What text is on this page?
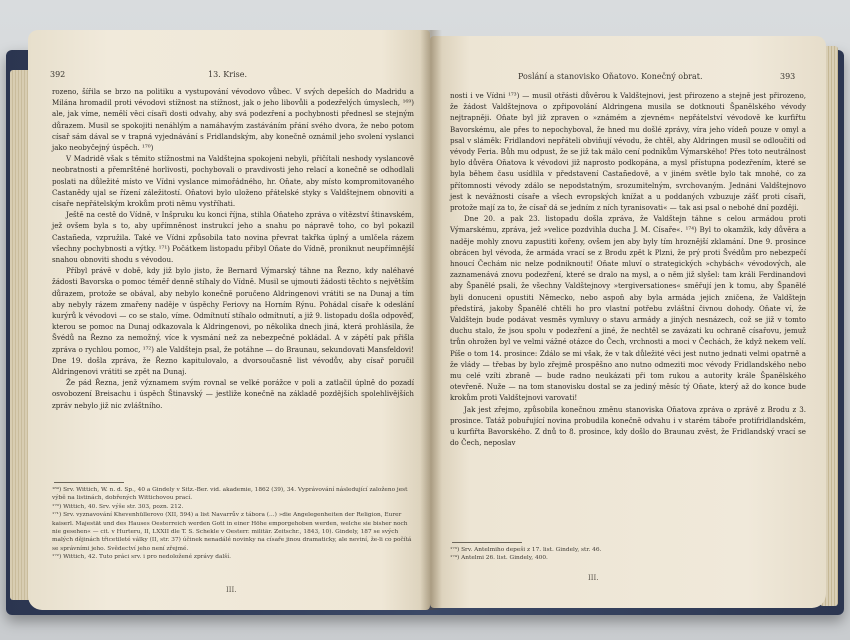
392	13. Krise.

rozeno, šířila se brzo na politiku a vystupování vévodovo vůbec. V svých depeších do Madridu a Milána hromadil proti vévodovi stížnost na stížnost, jak o jeho libovůli a podezřelých úmyslech, ¹⁶⁹) ale, jak víme, nemělí věci císaři dosti odvahy, aby svá podezření a pochybnosti přednesl se stejným důrazem. Musil se spokojiti nenáhlým a namáhavým zastáváním přání svého dvora, že nebo potom císař sám dával se v trapná vyjednávání s Fridlandským, aby konečně oznámil jeho svolení vyslanci jako neobyčejný úspěch. ¹⁷⁰)

V Madridě však s těmito stížnostmi na Valdštejna spokojeni nebyli, přičítali neshody vyslancově neobratnosti a přemrštěné horlivosti, pochybovali o pravdivosti jeho relací a konečně se odhodlali poslati na důležité místo ve Vídni vyslance mimořádného, hr. Oňate, aby místo kompromitovaného Castanědy ujal se řízení záležitostí. Oňatovi bylo uloženo přátelské styky s Valdštejnem obnoviti a císaře nepřátelským krokům proti němu vystříhati.

Ještě na cestě do Vídně, v Inšpruku ku konci října, stihla Oňateho zpráva o vítězství štinavském, jež ovšem byla s to, aby upřímněnost instrukcí jeho a snahu po nápravě toho, co byl pokazil Castañeda, vzpružila. Také ve Vídni způsobila tato novina převrat takřka úplný a umlčela rázem všechny pochybnosti a výtky. ¹⁷¹) Počátkem listopadu přibyl Oňate do Vídně, proniknut neupřímnější snahou obnoviti shodu s vévodou.

Příbyl právě v době, kdy již bylo jisto, že Bernard Výmarský táhne na Řezno, kdy naléhavé žádosti Bavorska o pomoc téměř denně stíhaly do Vídně. Musil se ujmouti žádosti těchto s největším důrazem, protože se obával, aby nebylo konečně poručeno Aldringenovi vrátiti se na Dunaj a tím aby nebyly rázem zmařeny naděje v úspěchy Feriovy na Horním Rýnu. Pohádal císaře k odeslání kurýrů k vévodovi — co se stalo, víme. Odmítnutí stíhalo odmítnutí, a již 9. listopadu došla odpověď, kterou se pomoc na Dunaj odkazovala k Aldringenovi, po několika dnech jiná, která prohlásila, že Švédů na Řezno za nemožný, více k vysmání než za nebezpečné pokládal. A v zápětí pak přišla zpráva o rychlou pomoc, ¹⁷²) ale Valdštejn psal, že potáhne — do Braunau, sekundovati Mansfeldovi! Dne 19. došla zpráva, že Řezno kapitulovalo, a dvorsoučasně list vévodův, aby císař poručil Aldringenovi vrátiti se zpět na Dunaj.

Že pád Řezna, jenž významem svým rovnal se velké porážce v poli a zatlačil úplně do pozadí osvobození Breisachu i úspěch Štinavský — jestliže konečně na základě pozdějších spolehlivějších zpráv nebylo již nic zvláštního.

¹⁶⁹) Srv. Wittich, W. n. d. Sp., 40 a Gindely v Sitz.-Ber. vid. akademie, 1862 (39), 34. Vyprávování následující založeno jest výbě na listinách, dobřených Wittichovou prací.

¹⁷⁰) Wittich, 40. Srv. výše str. 303, pozn. 212.

¹⁷¹) Srv. vyznavování Khevenhüllerovo (XII, 594) a list Navarrův z tábora (...) »die Angelegenheiten der Religion, Eurer kaiserl. Majestät und des Hauses Oesterreich werden Gott in einer Höhe emporgehoben werden, welche sie bisher noch nie gesehen« — cit. v Hurteru, II, LXXII dle T. S. Schekle v Oesterr. militär. Zeitschr., 1843, 10). Gindely, 187 se svých malých dějinách třicetileté války (II, str. 37) účinek nenadálé novinky na císaře jinou dramaticky, ale neviní, že-li co počítá se správními jeho. Svědectví jeho není zřejmé.

¹⁷²) Wittich, 42. Tuto práci srv. i pro nedoložené zprávy další.

III.
Poslání a stanovisko Oňatovo. Konečný obrat.	393

nosti i ve Vídni ¹⁷³) — musil otřásti důvěrou k Valdštejnovi, jest přirozeno a stejně jest přirozeno, že žádost Valdštejnova o zpřipovolání Aldringena musila se dotknouti Španělského vévody nejtrapněji. Oňate byl již zpraven o »známém a zjevném« nepřátelství vévodově ke kurfiřtu Bavorskému, ale přes to nepochyboval, že hned mu došlé zprávy, víra jeho vídeň pouze v omyl a psal v sláměk: Fridlandovi nepřáteli obviňují vévodu, že chtěl, aby Aldringen musil se odloučiti od vévody Feria. Bůh mu odpust, že se již tak málo cení podnikům Výmarského! Přes toto neutrálnost bylo důvěra Oňatova k vévodovi již naprosto podkopána, a mysl přístupna podezřením, které se byla během času usídlila v představení Castañedově, a v jiném světle bylo tak mnohé, co za přítomnosti vévody zdálo se nepodstatným, srozumitelným, svrchovaným. Jednáni Valdštejnovo jest k nevážnosti císaře a všech evropských knížat a u poddaných vzbuzuje zášť proti císaři, protože mají za to, že císař dá se jedním z ních tyranisovati« — tak asi psal o nebohé dní později.

Dne 20. a pak 23. listopadu došla zpráva, že Valdštejn táhne s celou armádou proti Výmarskému, zpráva, jež »velice pozdvihla ducha J. M. Císaře«. ¹⁷⁴) Byl to okamžik, kdy důvěra a naděje mohly znovu zapustiti kořeny, ovšem jen aby byly tím hroznější zklamání. Dne 9. prosince obrácen byl vévoda, že armáda vrací se z Brodu zpět k Plzni, že prý proti Švédům pro nebezpečí hnoucí Čechám nic nelze podniknouti! Oňate mluví o strategických »chybách« vévodových, ale zaznamenává znovu podezření, které se dralo na mysl, a o něm již slyšel: tam králi Ferdinandovi aby Španělé psali, že všechny Valdštejnovy »tergiversationes« směřují jen k tomu, aby Španělé byli donuceni opustiti Německo, nebo aspoň aby byla armáda jejich zničena, že Valdštejn předstírá, jakoby Španělé chtěli ho pro vlastní potřebu zvláštní čivnou dohody. Oňate ví, že Valdštejn bude podávat vesměs vymluvy o stavu armády a jiných nesnázech, což se již v tomto duchu stalo, že jsou spolu v podezření a jiné, že nechtěl se zavázati ku ochraně císařovu, jemuž trůn ohrožen byl ve velmi vážné otázce do Čech, vrchnosti a moci v Čechách, že když nekem velí. Píše o tom 14. prosince: Zdálo se mi však, že v tak důležité věci jest nutno jednati velmi opatrně a že vlády — třebas by bylo zřejmě prospěšno ano nutno odmeziti moc vévody Fridlandského nebo mu celé vzíti zbraně — bude radno neukázati při tom rukou a autority krále Španělského otevřeně. Nuže — na tom stanovisku dostal se za jediný měsíc tý Oňate, který až do konce bude krokům proti Valdštejnovi varovati!

Jak jest zřejmo, způsobila konečnou změnu stanoviska Oňatova zpráva o zprávě z Brodu z 3. prosince. Tatáž pobuřující novina probudila konečně odvahu i v starém táboře protifridlandském, u kurfiřta Bavorského. Z dnů to 8. prosince, kdy došlo do Braunau zvěst, že Fridlandský vrací se do Čech, neposlav

¹⁷³) Srv. Antelmiho depeši z 17. list. Gindely, str. 46.

¹⁷⁴) Antelmi 26. list. Gindely, 400.

III.
